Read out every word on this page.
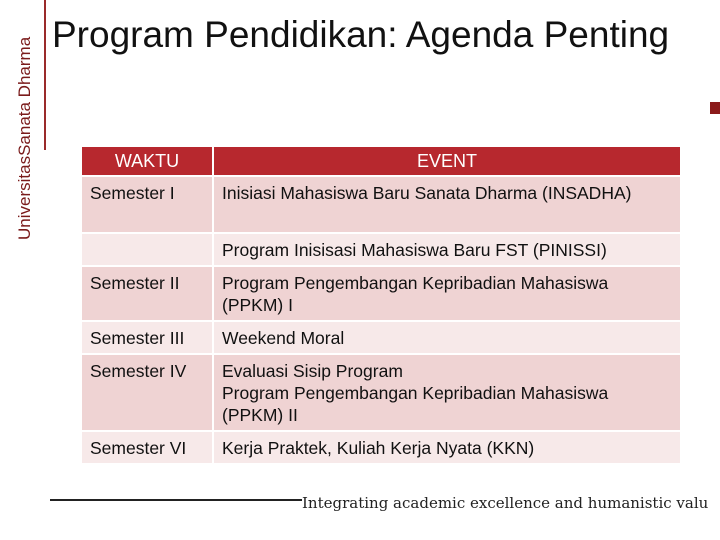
UniversitasSanata Dharma
Program Pendidikan: Agenda Penting
WAKTU	EVENT
Semester I	Inisiasi Mahasiswa Baru Sanata Dharma (INSADHA)

	Program Inisisasi Mahasiswa Baru FST (PINISSI)

Semester II	Program Pengembangan Kepribadian Mahasiswa (PPKM) I

Semester III	Weekend Moral

Semester IV	Evaluasi Sisip Program
Program Pengembangan Kepribadian Mahasiswa (PPKM) II

Semester VI	Kerja Praktek, Kuliah Kerja Nyata (KKN)
Integrating academic excellence and humanistic valu
